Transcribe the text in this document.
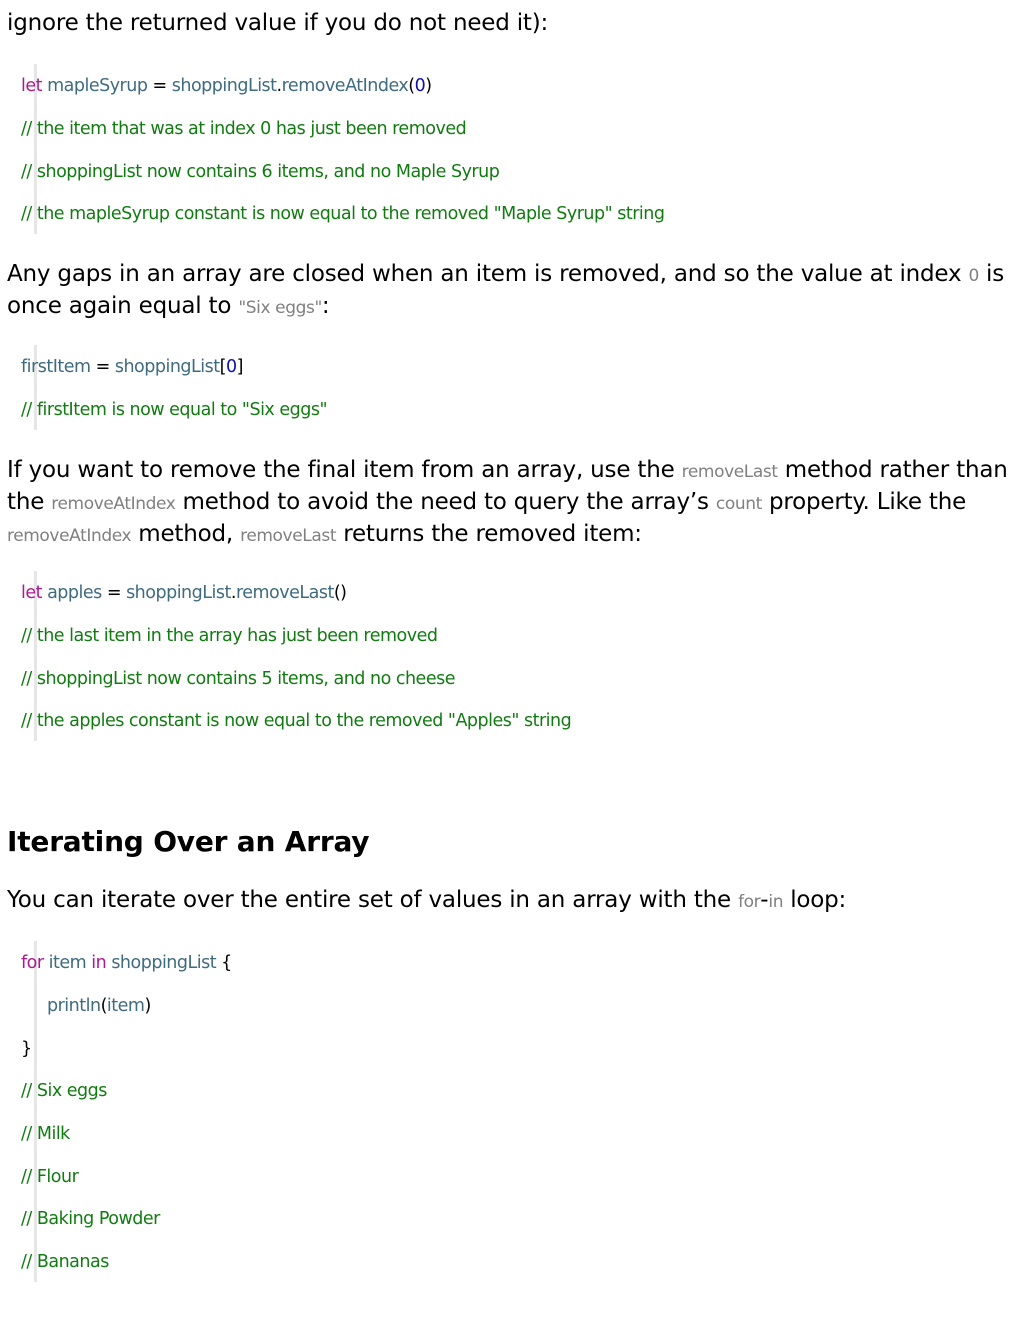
ignore the returned value if you do not need it):

let mapleSyrup = shoppingList.removeAtIndex(0)
// the item that was at index 0 has just been removed
// shoppingList now contains 6 items, and no Maple Syrup
// the mapleSyrup constant is now equal to the removed "Maple Syrup" string

Any gaps in an array are closed when an item is removed, and so the value at index 0 is once again equal to "Six eggs":

firstItem = shoppingList[0]
// firstItem is now equal to "Six eggs"

If you want to remove the final item from an array, use the removeLast method rather than the removeAtIndex method to avoid the need to query the array’s count property. Like the removeAtIndex method, removeLast returns the removed item:

let apples = shoppingList.removeLast()
// the last item in the array has just been removed
// shoppingList now contains 5 items, and no cheese
// the apples constant is now equal to the removed "Apples" string
Iterating Over an Array

You can iterate over the entire set of values in an array with the for-in loop:

for item in shoppingList {
println(item)
}
// Six eggs
// Milk
// Flour
// Baking Powder
// Bananas
